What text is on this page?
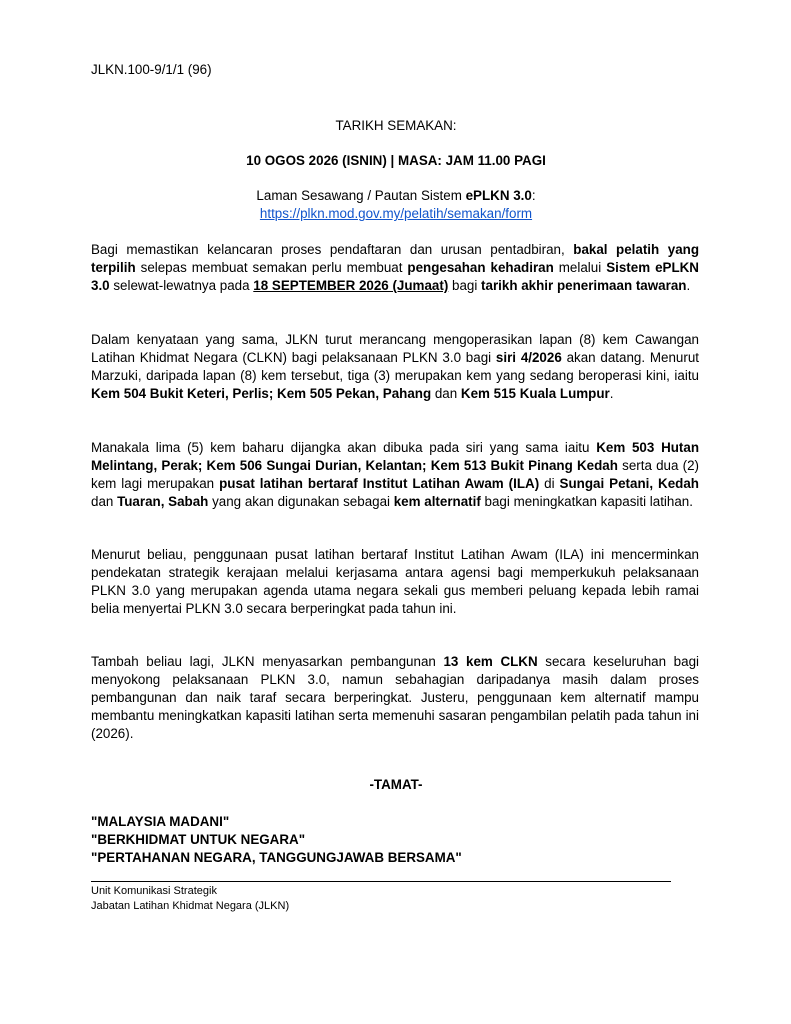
JLKN.100-9/1/1 (96)
TARIKH SEMAKAN:
10 OGOS 2026 (ISNIN) | MASA: JAM 11.00 PAGI
Laman Sesawang / Pautan Sistem ePLKN 3.0:
https://plkn.mod.gov.my/pelatih/semakan/form

Bagi memastikan kelancaran proses pendaftaran dan urusan pentadbiran, bakal pelatih yang terpilih selepas membuat semakan perlu membuat pengesahan kehadiran melalui Sistem ePLKN 3.0 selewat-lewatnya pada 18 SEPTEMBER 2026 (Jumaat) bagi tarikh akhir penerimaan tawaran.

Dalam kenyataan yang sama, JLKN turut merancang mengoperasikan lapan (8) kem Cawangan Latihan Khidmat Negara (CLKN) bagi pelaksanaan PLKN 3.0 bagi siri 4/2026 akan datang. Menurut Marzuki, daripada lapan (8) kem tersebut, tiga (3) merupakan kem yang sedang beroperasi kini, iaitu Kem 504 Bukit Keteri, Perlis; Kem 505 Pekan, Pahang dan Kem 515 Kuala Lumpur.

Manakala lima (5) kem baharu dijangka akan dibuka pada siri yang sama iaitu Kem 503 Hutan Melintang, Perak; Kem 506 Sungai Durian, Kelantan; Kem 513 Bukit Pinang Kedah serta dua (2) kem lagi merupakan pusat latihan bertaraf Institut Latihan Awam (ILA) di Sungai Petani, Kedah dan Tuaran, Sabah yang akan digunakan sebagai kem alternatif bagi meningkatkan kapasiti latihan.

Menurut beliau, penggunaan pusat latihan bertaraf Institut Latihan Awam (ILA) ini mencerminkan pendekatan strategik kerajaan melalui kerjasama antara agensi bagi memperkukuh pelaksanaan PLKN 3.0 yang merupakan agenda utama negara sekali gus memberi peluang kepada lebih ramai belia menyertai PLKN 3.0 secara berperingkat pada tahun ini.

Tambah beliau lagi, JLKN menyasarkan pembangunan 13 kem CLKN secara keseluruhan bagi menyokong pelaksanaan PLKN 3.0, namun sebahagian daripadanya masih dalam proses pembangunan dan naik taraf secara berperingkat. Justeru, penggunaan kem alternatif mampu membantu meningkatkan kapasiti latihan serta memenuhi sasaran pengambilan pelatih pada tahun ini (2026).

-TAMAT-
"MALAYSIA MADANI"
"BERKHIDMAT UNTUK NEGARA"
"PERTAHANAN NEGARA, TANGGUNGJAWAB BERSAMA"
Unit Komunikasi Strategik
Jabatan Latihan Khidmat Negara (JLKN)
